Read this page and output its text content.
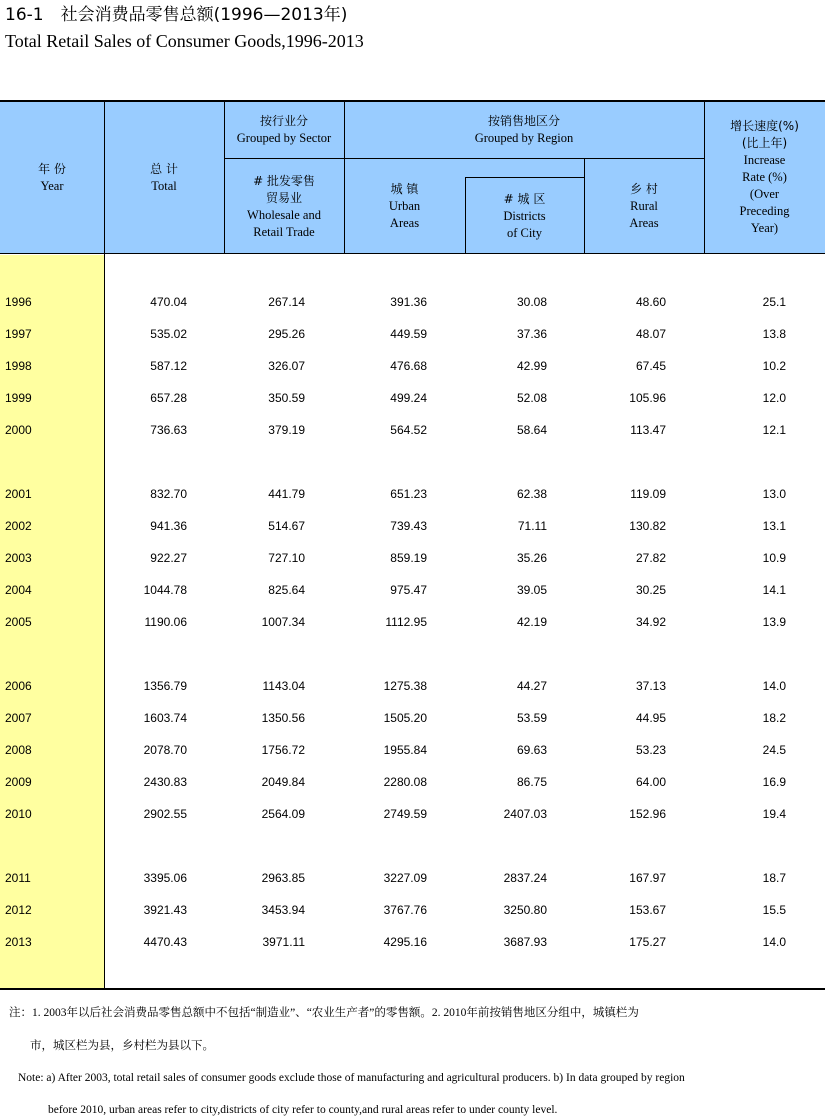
16-1　社会消费品零售总额(1996—2013年)
Total Retail Sales of Consumer Goods,1996-2013
年 份
Year
总 计
Total
按行业分
Grouped by Sector
# 批发零售
贸易业
Wholesale and
Retail Trade
按销售地区分
Grouped by Region
城 镇
Urban
Areas
# 城 区
Districts
of City
乡 村
Rural
Areas
增长速度(%)
(比上年)
Increase
Rate (%)
(Over
Preceding
Year)
1996	470.04	267.14	391.36	30.08	48.60	25.1
1997	535.02	295.26	449.59	37.36	48.07	13.8
1998	587.12	326.07	476.68	42.99	67.45	10.2
1999	657.28	350.59	499.24	52.08	105.96	12.0
2000	736.63	379.19	564.52	58.64	113.47	12.1
2001	832.70	441.79	651.23	62.38	119.09	13.0
2002	941.36	514.67	739.43	71.11	130.82	13.1
2003	922.27	727.10	859.19	35.26	27.82	10.9
2004	1044.78	825.64	975.47	39.05	30.25	14.1
2005	1190.06	1007.34	1112.95	42.19	34.92	13.9
2006	1356.79	1143.04	1275.38	44.27	37.13	14.0
2007	1603.74	1350.56	1505.20	53.59	44.95	18.2
2008	2078.70	1756.72	1955.84	69.63	53.23	24.5
2009	2430.83	2049.84	2280.08	86.75	64.00	16.9
2010	2902.55	2564.09	2749.59	2407.03	152.96	19.4
2011	3395.06	2963.85	3227.09	2837.24	167.97	18.7
2012	3921.43	3453.94	3767.76	3250.80	153.67	15.5
2013	4470.43	3971.11	4295.16	3687.93	175.27	14.0
注：1. 2003年以后社会消费品零售总额中不包括“制造业”、“农业生产者”的零售额。2. 2010年前按销售地区分组中，城镇栏为
市，城区栏为县，乡村栏为县以下。
Note: a) After 2003, total retail sales of consumer goods exclude those of manufacturing and agricultural producers. b) In data grouped by region
before 2010, urban areas refer to city,districts of city refer to county,and rural areas refer to under county level.
